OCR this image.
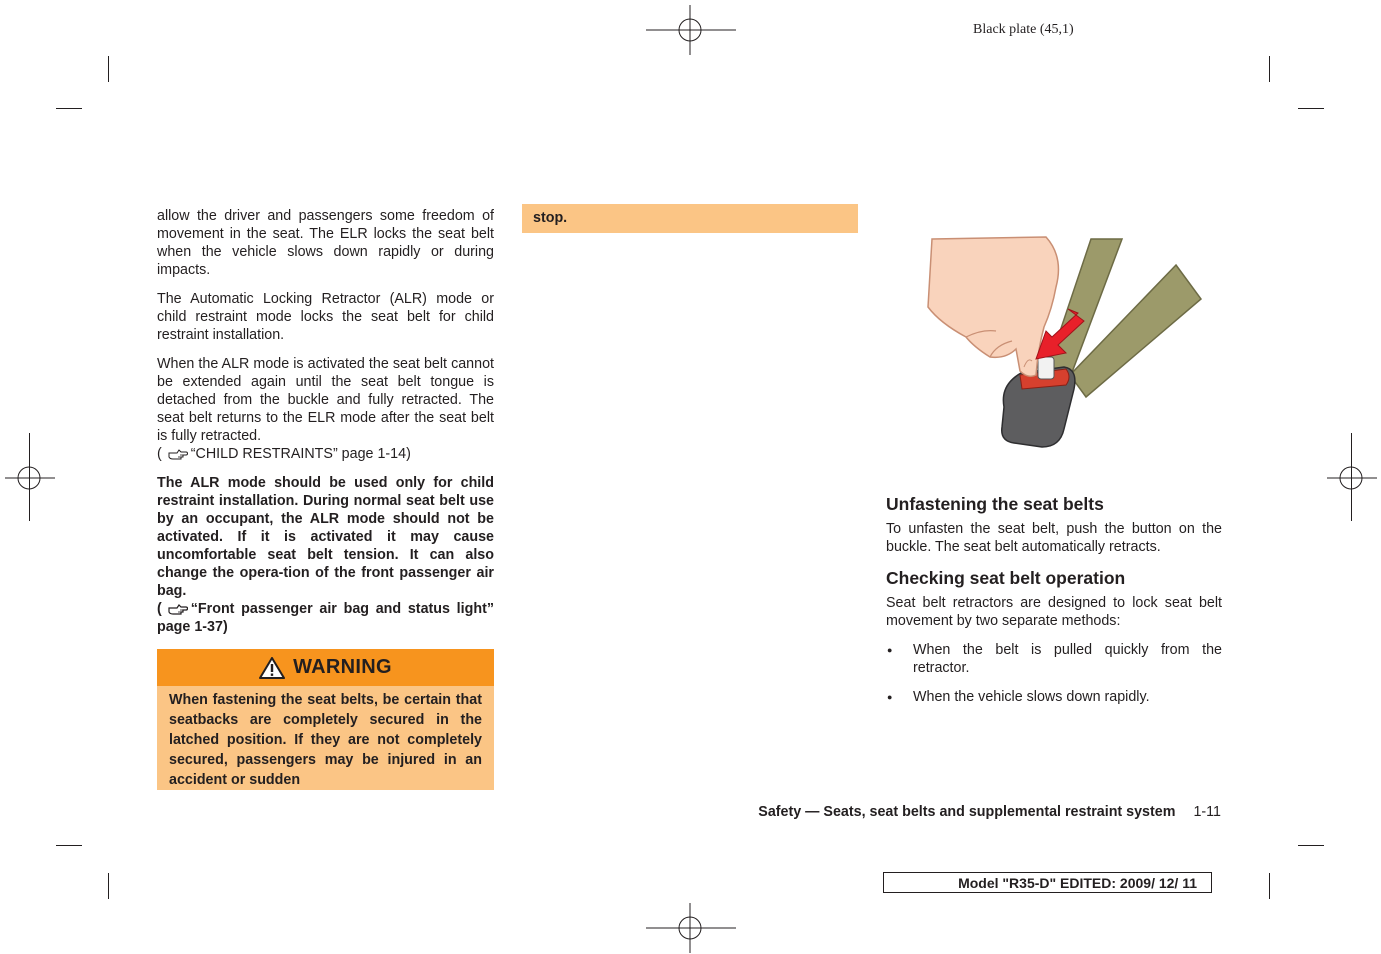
Black plate (45,1)

allow the driver and passengers some freedom of movement in the seat. The ELR locks the seat belt when the vehicle slows down rapidly or during impacts.

The Automatic Locking Retractor (ALR) mode or child restraint mode locks the seat belt for child restraint installation.

When the ALR mode is activated the seat belt cannot be extended again until the seat belt tongue is detached from the buckle and fully retracted. The seat belt returns to the ELR mode after the seat belt is fully retracted.

( “CHILD RESTRAINTS” page 1-14)

The ALR mode should be used only for child restraint installation. During normal seat belt use by an occupant, the ALR mode should not be activated. If it is activated it may cause uncomfortable seat belt tension. It can also change the opera-tion of the front passenger air bag.

( “Front passenger air bag and status light” page 1-37)

WARNING
When fastening the seat belts, be certain that seatbacks are completely secured in the latched position. If they are not completely secured, passengers may be injured in an accident or sudden
stop.
Unfastening the seat belts

To unfasten the seat belt, push the button on the buckle. The seat belt automatically retracts.

Checking seat belt operation

Seat belt retractors are designed to lock seat belt movement by two separate methods:

● When the belt is pulled quickly from the retractor.
● When the vehicle slows down rapidly.
Safety — Seats, seat belts and supplemental restraint system 1-11
Model "R35-D" EDITED: 2009/ 12/ 11
